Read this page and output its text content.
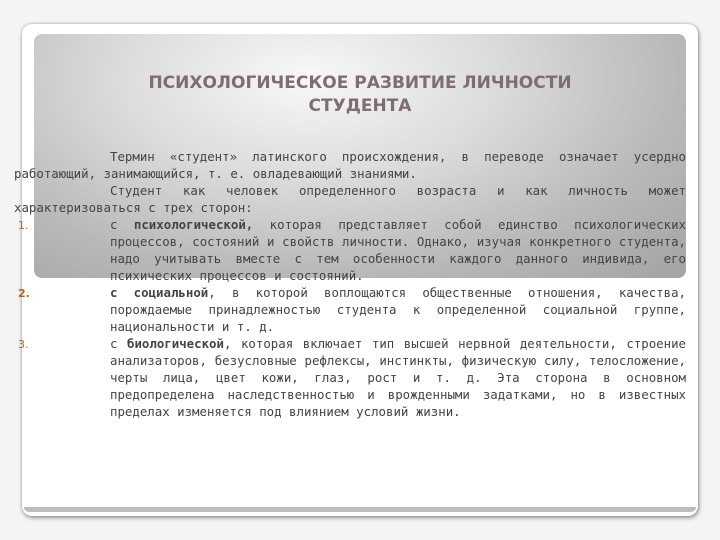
ПСИХОЛОГИЧЕСКОЕ РАЗВИТИЕ ЛИЧНОСТИ
СТУДЕНТА
Термин «студент» латинского происхождения, в переводе означает усердно работающий, занимающийся, т. е. овладевающий знаниями.
Студент как человек определенного возраста и как личность может характеризоваться с трех сторон:
1.	с психологической, которая представляет собой единство психологических процессов, состояний и свойств личности. Однако, изучая конкретного студента, надо учитывать вместе с тем особенности каждого данного индивида, его психических процессов и состояний.
2.	с социальной, в которой воплощаются общественные отношения, качества, порождаемые принадлежностью студента к определенной социальной группе, национальности и т. д.
3.	с биологической, которая включает тип высшей нервной деятельности, строение анализаторов, безусловные рефлексы, инстинкты, физическую силу, телосложение, черты лица, цвет кожи, глаз, рост и т. д. Эта сторона в основном предопределена наследственностью и врожденными задатками, но в известных пределах изменяется под влиянием условий жизни.
